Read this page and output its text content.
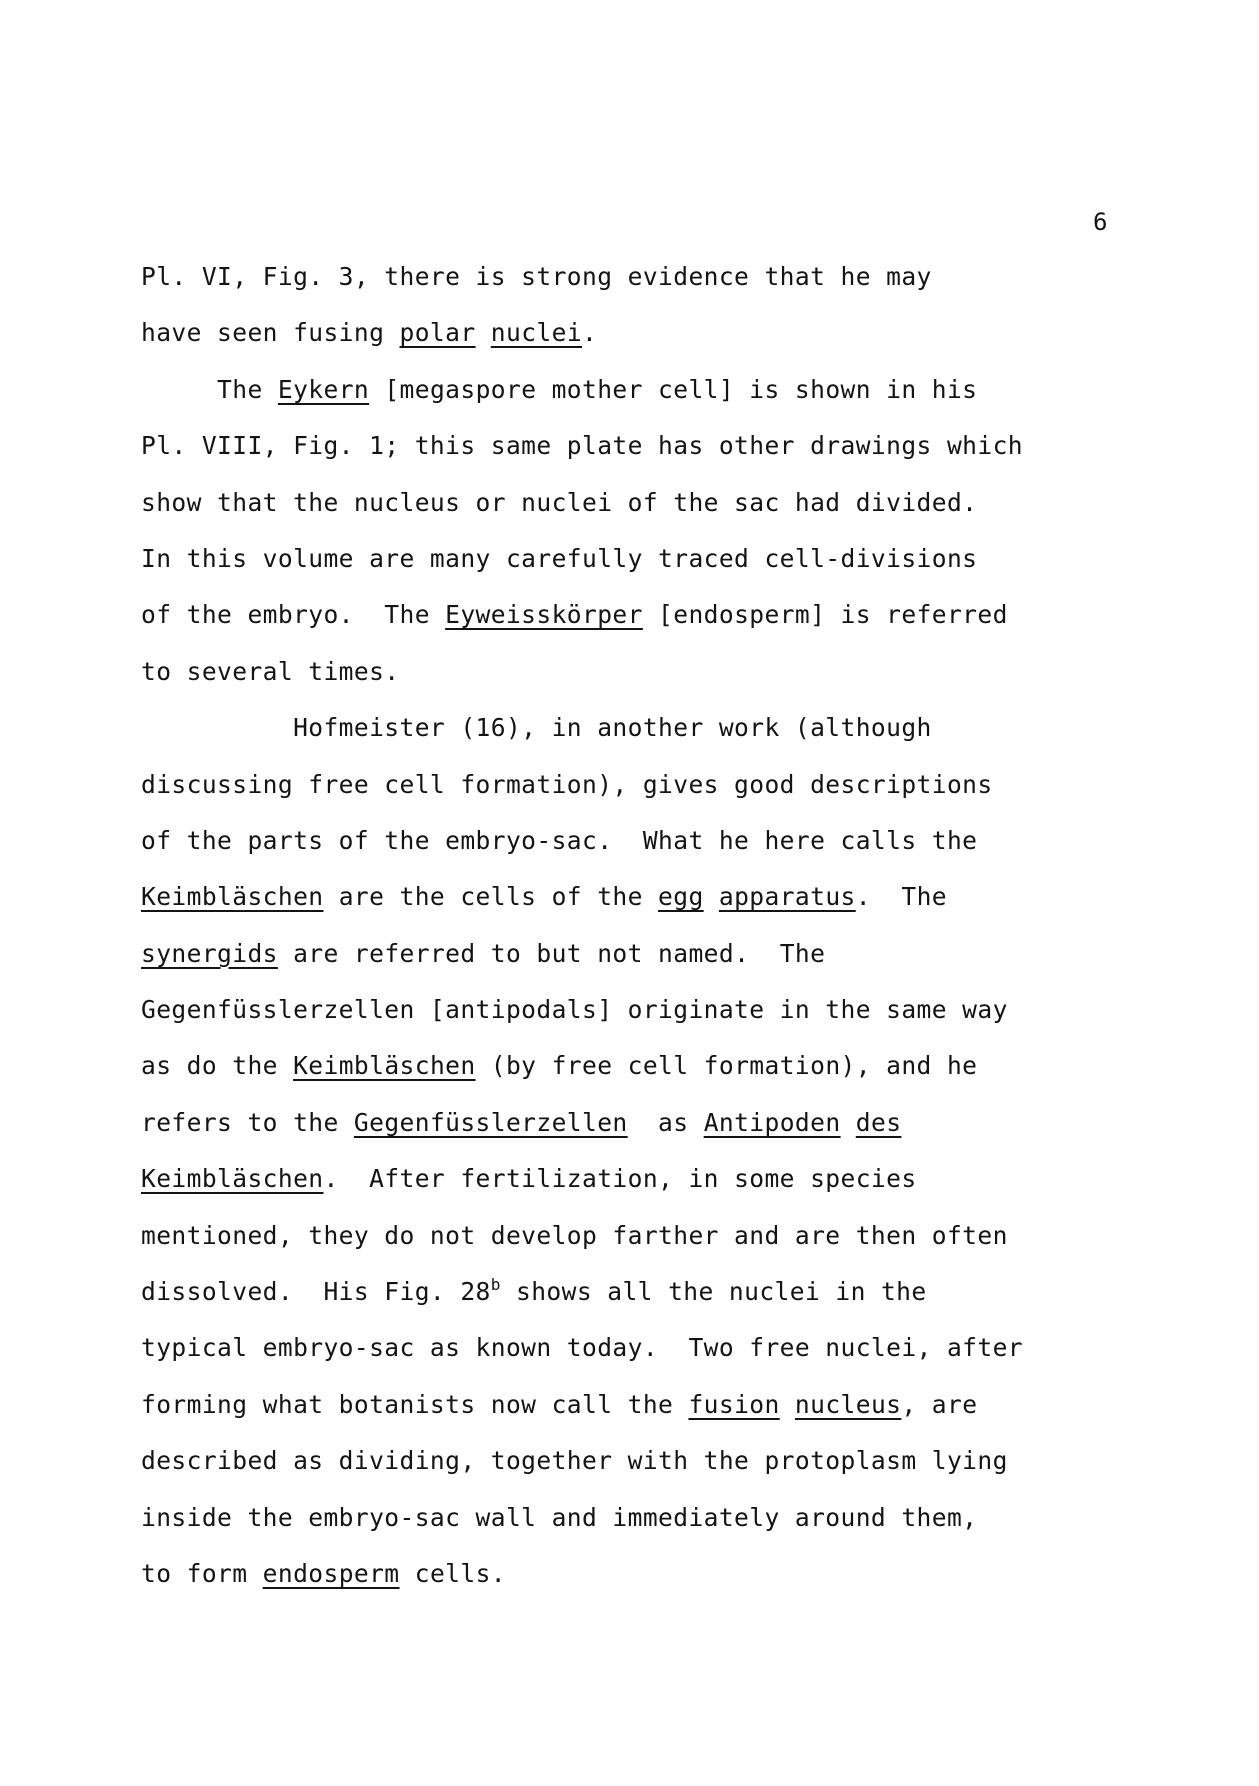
6
Pl. VI, Fig. 3, there is strong evidence that he may
have seen fusing polar nuclei.
The Eykern [megaspore mother cell] is shown in his
Pl. VIII, Fig. 1; this same plate has other drawings which
show that the nucleus or nuclei of the sac had divided.
In this volume are many carefully traced cell-divisions
of the embryo.  The Eyweisskörper [endosperm] is referred
to several times.
Hofmeister (16), in another work (although
discussing free cell formation), gives good descriptions
of the parts of the embryo-sac.  What he here calls the
Keimbläschen are the cells of the egg apparatus.  The
synergids are referred to but not named.  The
Gegenfüsslerzellen [antipodals] originate in the same way
as do the Keimbläschen (by free cell formation), and he
refers to the Gegenfüsslerzellen  as Antipoden des
Keimbläschen.  After fertilization, in some species
mentioned, they do not develop farther and are then often
dissolved.  His Fig. 28$^b$ shows all the nuclei in the
typical embryo-sac as known today.  Two free nuclei, after
forming what botanists now call the fusion nucleus, are
described as dividing, together with the protoplasm lying
inside the embryo-sac wall and immediately around them,
to form endosperm cells.
